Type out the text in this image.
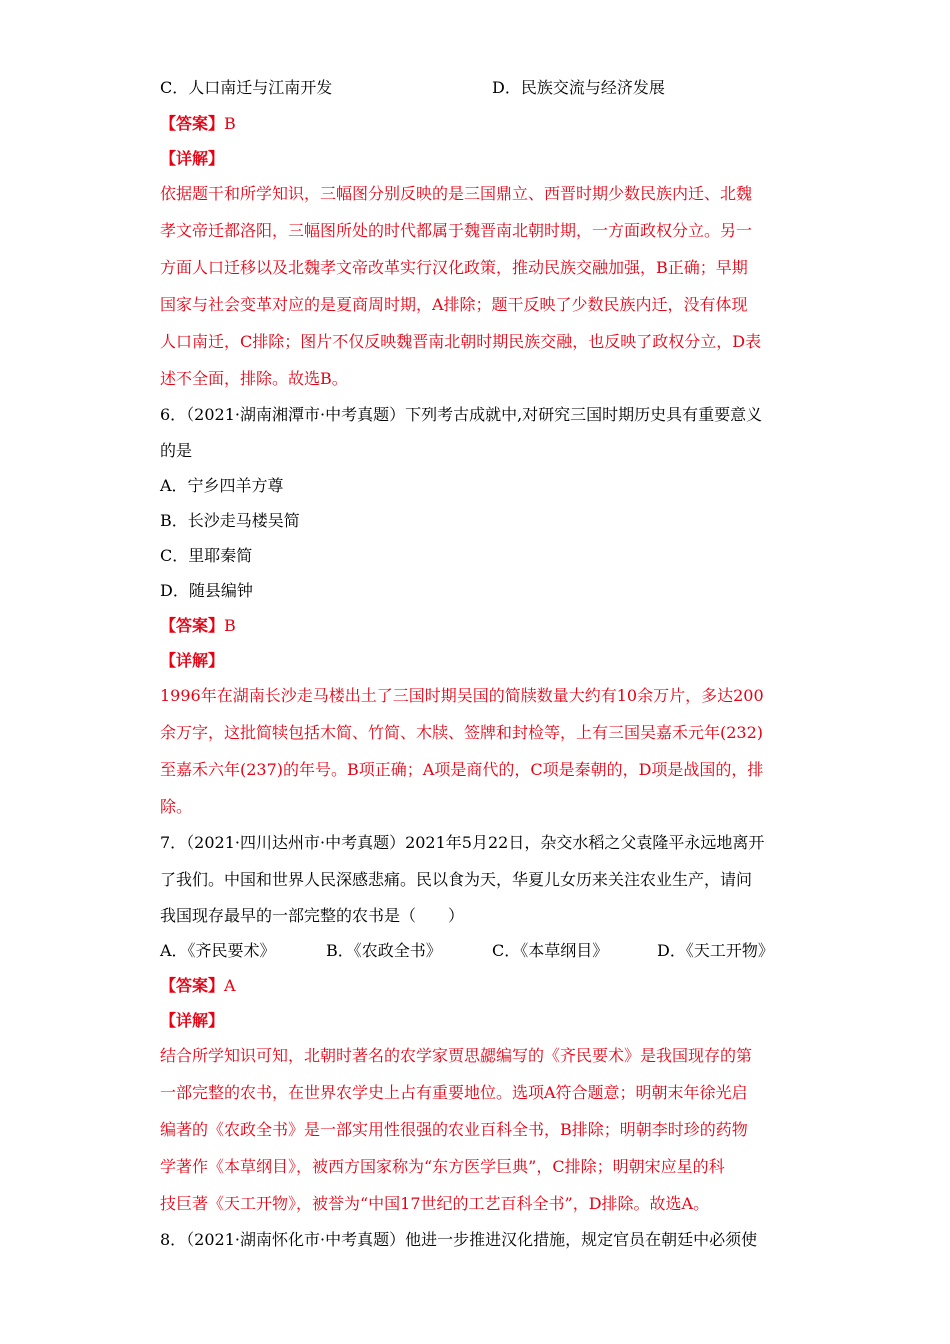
C．人口南迁与江南开发	D．民族交流与经济发展
【答案】B
【详解】
依据题干和所学知识，三幅图分别反映的是三国鼎立、西晋时期少数民族内迁、北魏
孝文帝迁都洛阳，三幅图所处的时代都属于魏晋南北朝时期，一方面政权分立。另一
方面人口迁移以及北魏孝文帝改革实行汉化政策，推动民族交融加强，B正确；早期
国家与社会变革对应的是夏商周时期，A排除；题干反映了少数民族内迁，没有体现
人口南迁，C排除；图片不仅反映魏晋南北朝时期民族交融，也反映了政权分立，D表
述不全面，排除。故选B。
6．（2021·湖南湘潭市·中考真题）下列考古成就中,对研究三国时期历史具有重要意义
的是
A．宁乡四羊方尊
B．长沙走马楼吴简
C．里耶秦简
D．随县编钟
【答案】B
【详解】
1996年在湖南长沙走马楼出土了三国时期吴国的简牍数量大约有10余万片，多达200
余万字，这批简犊包括木简、竹简、木牍、签牌和封检等，上有三国吴嘉禾元年(232)
至嘉禾六年(237)的年号。B项正确；A项是商代的，C项是秦朝的，D项是战国的，排
除。
7．（2021·四川达州市·中考真题）2021年5月22日，杂交水稻之父袁隆平永远地离开
了我们。中国和世界人民深感悲痛。民以食为天，华夏儿女历来关注农业生产，请问
我国现存最早的一部完整的农书是（　　）
A．《齐民要术》	B．《农政全书》	C．《本草纲目》	D．《天工开物》
【答案】A
【详解】
结合所学知识可知，北朝时著名的农学家贾思勰编写的《齐民要术》是我国现存的第
一部完整的农书，在世界农学史上占有重要地位。选项A符合题意；明朝末年徐光启
编著的《农政全书》是一部实用性很强的农业百科全书，B排除；明朝李时珍的药物
学著作《本草纲目》，被西方国家称为“东方医学巨典”，C排除；明朝宋应星的科
技巨著《天工开物》，被誉为“中国17世纪的工艺百科全书”，D排除。故选A。
8．（2021·湖南怀化市·中考真题）他进一步推进汉化措施，规定官员在朝廷中必须使
